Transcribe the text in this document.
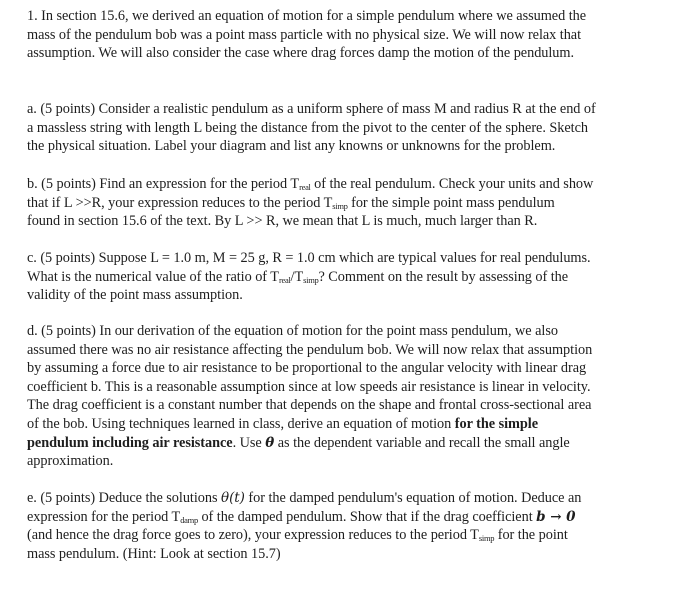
1. In section 15.6, we derived an equation of motion for a simple pendulum where we assumed the
mass of the pendulum bob was a point mass particle with no physical size. We will now relax that
assumption. We will also consider the case where drag forces damp the motion of the pendulum.

a. (5 points) Consider a realistic pendulum as a uniform sphere of mass M and radius R at the end of
a massless string with length L being the distance from the pivot to the center of the sphere. Sketch
the physical situation. Label your diagram and list any knowns or unknowns for the problem.

b. (5 points) Find an expression for the period $T_{real}$ of the real pendulum. Check your units and show
that if L >>R, your expression reduces to the period $T_{simp}$ for the simple point mass pendulum
found in section 15.6 of the text. By L >> R, we mean that L is much, much larger than R.

c. (5 points) Suppose L = 1.0 m, M = 25 g, R = 1.0 cm which are typical values for real pendulums.
What is the numerical value of the ratio of $T_{real}/T_{simp}$? Comment on the result by assessing of the
validity of the point mass assumption.

d. (5 points) In our derivation of the equation of motion for the point mass pendulum, we also
assumed there was no air resistance affecting the pendulum bob. We will now relax that assumption
by assuming a force due to air resistance to be proportional to the angular velocity with linear drag
coefficient b. This is a reasonable assumption since at low speeds air resistance is linear in velocity.
The drag coefficient is a constant number that depends on the shape and frontal cross-sectional area
of the bob. Using techniques learned in class, derive an equation of motion for the simple
pendulum including air resistance. Use θ as the dependent variable and recall the small angle
approximation.

e. (5 points) Deduce the solutions θ(t) for the damped pendulum's equation of motion. Deduce an
expression for the period $T_{damp}$ of the damped pendulum. Show that if the drag coefficient b → 0
(and hence the drag force goes to zero), your expression reduces to the period $T_{simp}$ for the point
mass pendulum. (Hint: Look at section 15.7)
